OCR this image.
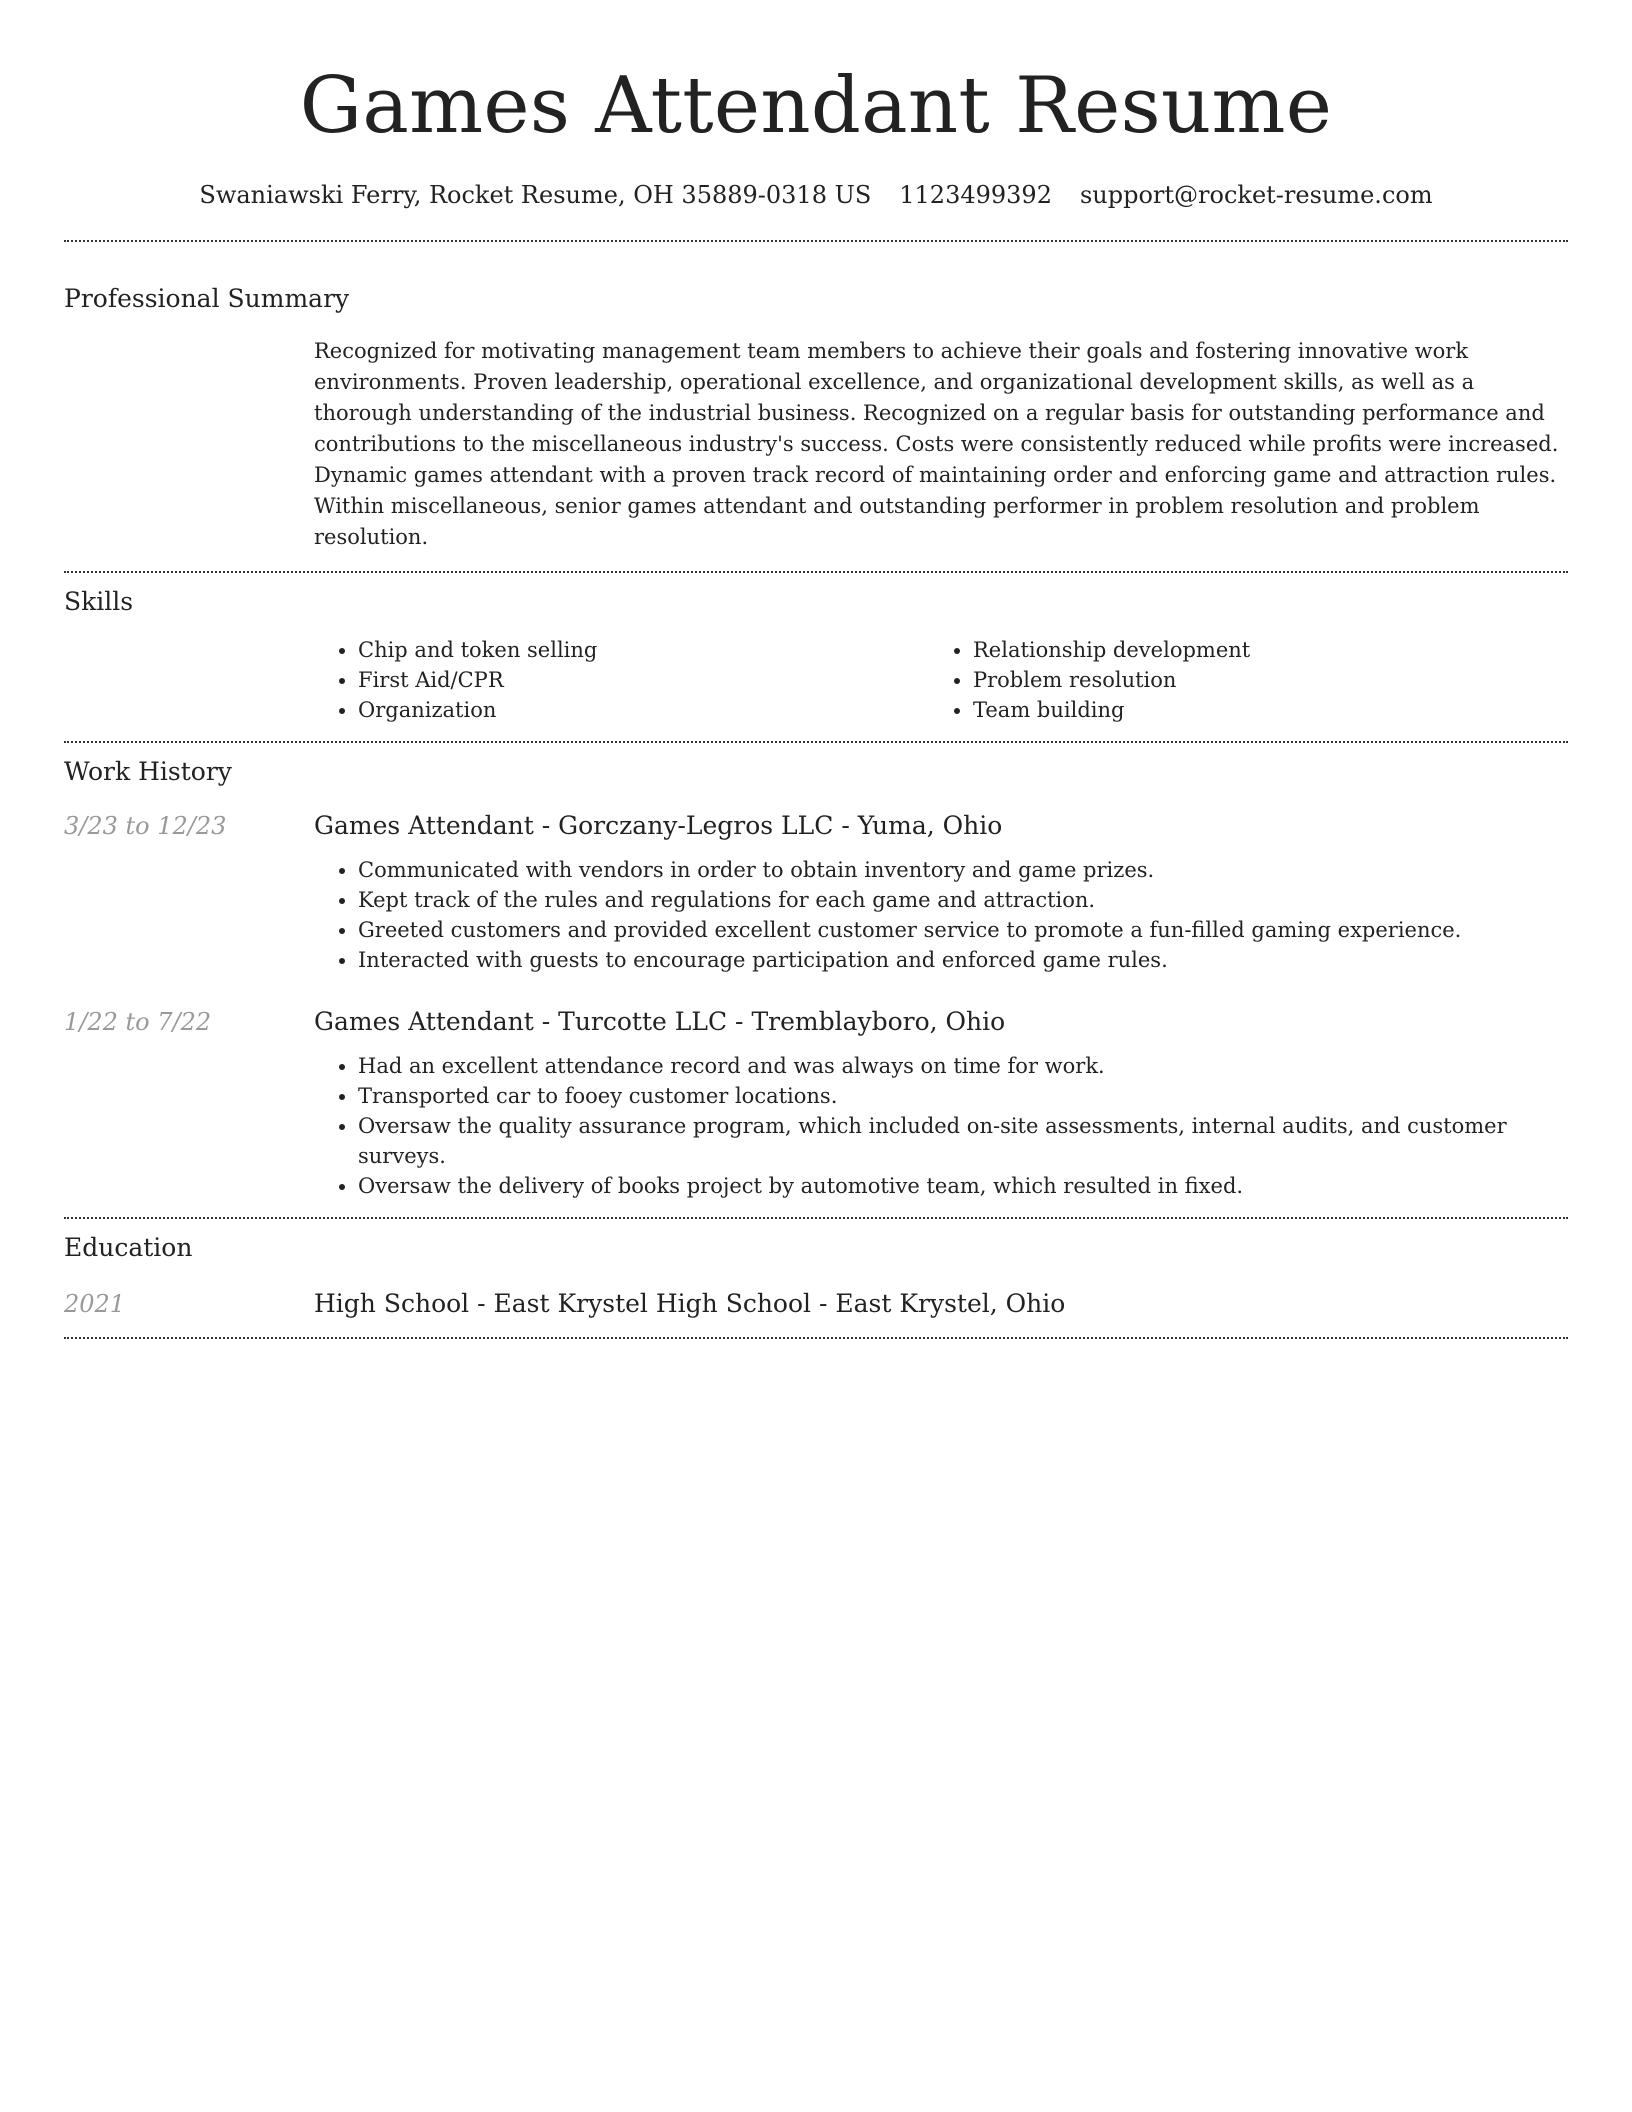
Games Attendant Resume
Swaniawski Ferry, Rocket Resume, OH 35889-0318 US 1123499392 support@rocket-resume.com
Professional Summary
Recognized for motivating management team members to achieve their goals and fostering innovative work environments. Proven leadership, operational excellence, and organizational development skills, as well as a thorough understanding of the industrial business. Recognized on a regular basis for outstanding performance and contributions to the miscellaneous industry's success. Costs were consistently reduced while profits were increased. Dynamic games attendant with a proven track record of maintaining order and enforcing game and attraction rules. Within miscellaneous, senior games attendant and outstanding performer in problem resolution and problem resolution.
Skills
• Chip and token selling
• First Aid/CPR
• Organization
• Relationship development
• Problem resolution
• Team building
Work History
3/23 to 12/23	Games Attendant - Gorczany-Legros LLC - Yuma, Ohio
• Communicated with vendors in order to obtain inventory and game prizes.
• Kept track of the rules and regulations for each game and attraction.
• Greeted customers and provided excellent customer service to promote a fun-filled gaming experience.
• Interacted with guests to encourage participation and enforced game rules.
1/22 to 7/22	Games Attendant - Turcotte LLC - Tremblayboro, Ohio
• Had an excellent attendance record and was always on time for work.
• Transported car to fooey customer locations.
• Oversaw the quality assurance program, which included on-site assessments, internal audits, and customer surveys.
• Oversaw the delivery of books project by automotive team, which resulted in fixed.
Education
2021	High School - East Krystel High School - East Krystel, Ohio
